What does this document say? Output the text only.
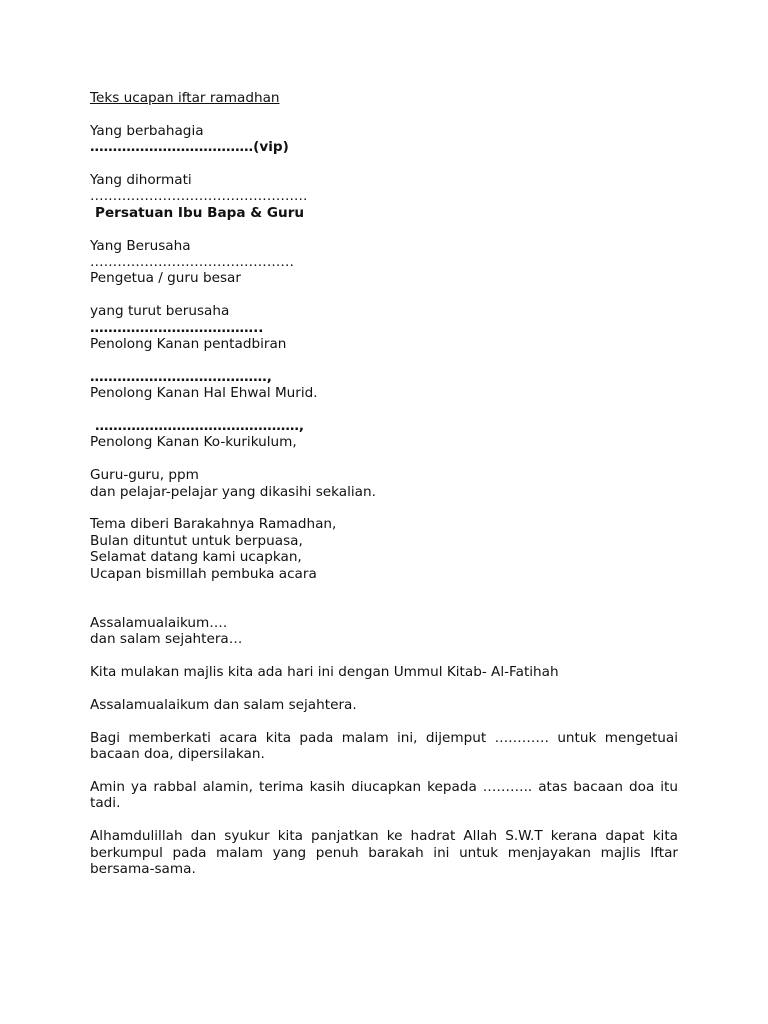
Teks ucapan iftar ramadhan
Yang berbahagia
………………………………(vip)
Yang dihormati
…………………………………………
Persatuan Ibu Bapa & Guru
Yang Berusaha
………………………………………
Pengetua / guru besar
yang turut berusaha
………………………………..
Penolong Kanan pentadbiran
…………………………………,
Penolong Kanan Hal Ehwal Murid.
………………………………………,
Penolong Kanan Ko-kurikulum,
Guru-guru, ppm
dan pelajar-pelajar yang dikasihi sekalian.
Tema diberi Barakahnya Ramadhan,
Bulan dituntut untuk berpuasa,
Selamat datang kami ucapkan,
Ucapan bismillah pembuka acara
Assalamualaikum….
dan salam sejahtera…
Kita mulakan majlis kita ada hari ini dengan Ummul Kitab- Al-Fatihah
Assalamualaikum dan salam sejahtera.
Bagi memberkati acara kita pada malam ini, dijemput ………… untuk mengetuai bacaan doa, dipersilakan.
Amin ya rabbal alamin, terima kasih diucapkan kepada ……….. atas bacaan doa itu tadi.
Alhamdulillah dan syukur kita panjatkan ke hadrat Allah S.W.T kerana dapat kita berkumpul pada malam yang penuh barakah ini untuk menjayakan majlis Iftar bersama-sama.
